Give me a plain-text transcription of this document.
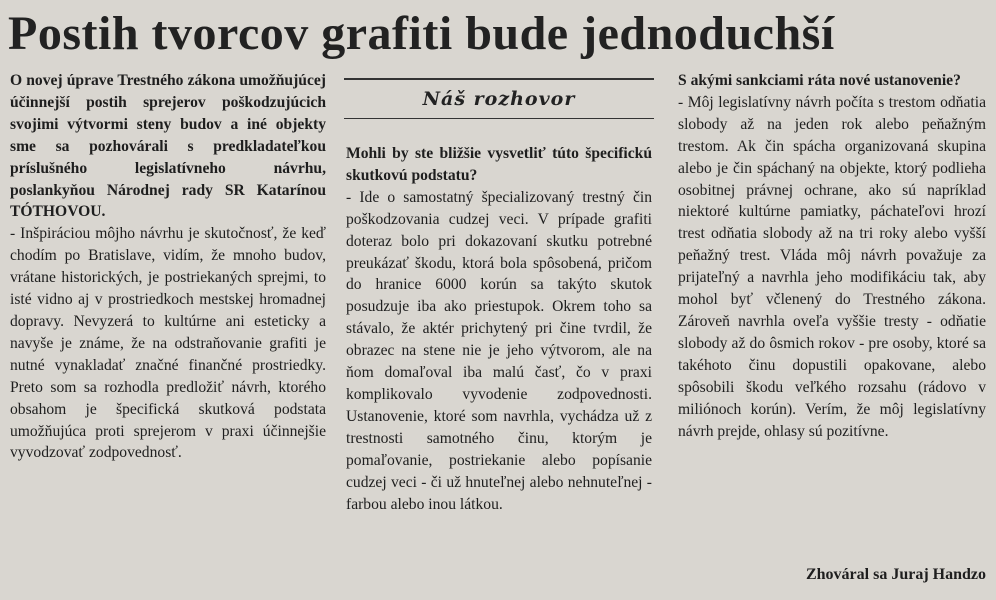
Postih tvorcov grafiti bude jednoduchší

O novej úprave Trestného zákona umožňujúcej účinnejší postih sprejerov poškodzujúcich svojimi výtvormi steny budov a iné objekty sme sa pozhovárali s predkladateľkou príslušného legislatívneho návrhu, poslankyňou Národnej rady SR Katarínou TÓTHOVOU.

- Inšpiráciou môjho návrhu je skutočnosť, že keď chodím po Bratislave, vidím, že mnoho budov, vrátane historických, je postriekaných sprejmi, to isté vidno aj v prostriedkoch mestskej hromadnej dopravy. Nevyzerá to kultúrne ani esteticky a navyše je známe, že na odstraňovanie grafiti je nutné vynakladať značné finančné prostriedky. Preto som sa rozhodla predložiť návrh, ktorého obsahom je špecifická skutková podstata umožňujúca proti sprejerom v praxi účinnejšie vyvodzovať zodpovednosť.

Náš rozhovor

Mohli by ste bližšie vysvetliť túto špecifickú skutkovú podstatu?

- Ide o samostatný špecializovaný trestný čin poškodzovania cudzej veci. V prípade grafiti doteraz bolo pri dokazovaní skutku potrebné preukázať škodu, ktorá bola spôsobená, pričom do hranice 6000 korún sa takýto skutok posudzuje iba ako priestupok. Okrem toho sa stávalo, že aktér prichytený pri čine tvrdil, že obrazec na stene nie je jeho výtvorom, ale na ňom domaľoval iba malú časť, čo v praxi komplikovalo vyvodenie zodpovednosti. Ustanovenie, ktoré som navrhla, vychádza už z trestnosti samotného činu, ktorým je pomaľovanie, postriekanie alebo popísanie cudzej veci - či už hnuteľnej alebo nehnuteľnej - farbou alebo inou látkou.

S akými sankciami ráta nové ustanovenie?

- Môj legislatívny návrh počíta s trestom odňatia slobody až na jeden rok alebo peňažným trestom. Ak čin spácha organizovaná skupina alebo je čin spáchaný na objekte, ktorý podlieha osobitnej právnej ochrane, ako sú napríklad niektoré kultúrne pamiatky, páchateľovi hrozí trest odňatia slobody až na tri roky alebo vyšší peňažný trest. Vláda môj návrh považuje za prijateľný a navrhla jeho modifikáciu tak, aby mohol byť včlenený do Trestného zákona. Zároveň navrhla oveľa vyššie tresty - odňatie slobody až do ôsmich rokov - pre osoby, ktoré sa takéhoto činu dopustili opakovane, alebo spôsobili škodu veľkého rozsahu (rádovo v miliónoch korún). Verím, že môj legislatívny návrh prejde, ohlasy sú pozitívne.

Zhováral sa Juraj Handzo
